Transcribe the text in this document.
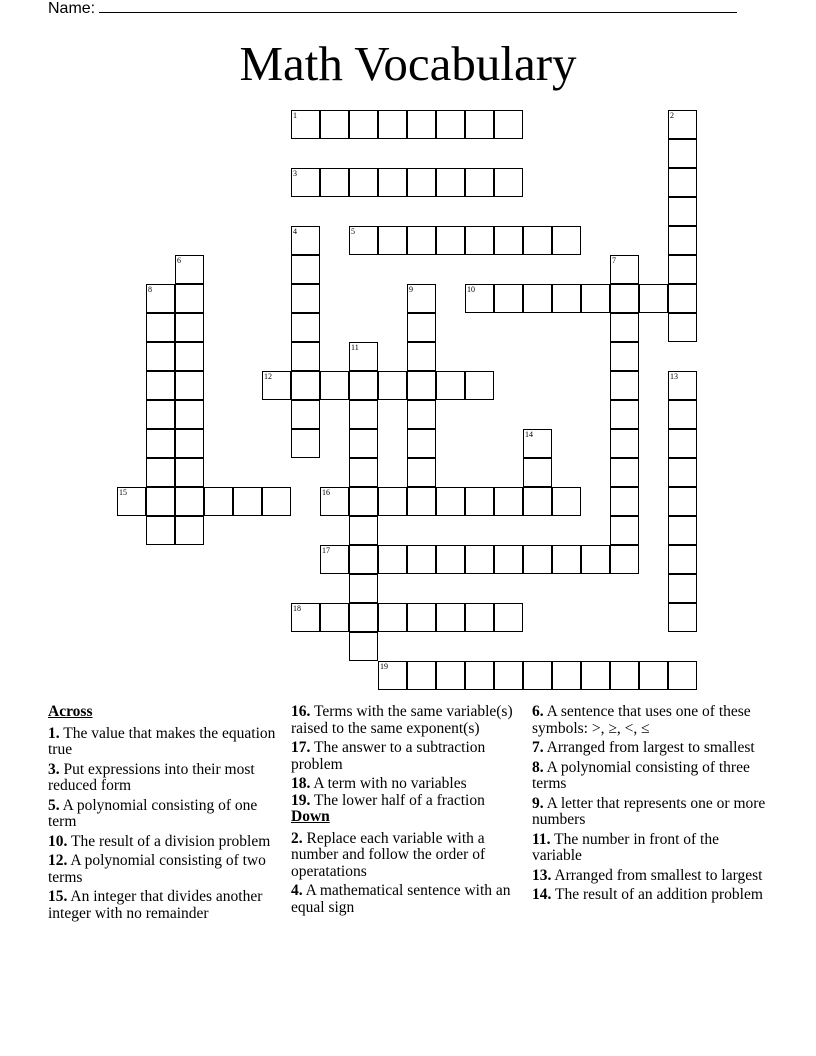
Name:
Math Vocabulary
1	2
3
4	5
6	7
8	9	10
11
12	13
14
15	16
17
18
19
Across
1. The value that makes the equation true
3. Put expressions into their most reduced form
5. A polynomial consisting of one term
10. The result of a division problem
12. A polynomial consisting of two terms
15. An integer that divides another integer with no remainder
16. Terms with the same variable(s) raised to the same exponent(s)
17. The answer to a subtraction problem
18. A term with no variables
19. The lower half of a fraction
Down
2. Replace each variable with a number and follow the order of operatations
4. A mathematical sentence with an equal sign
6. A sentence that uses one of these symbols: >, ≥, <, ≤
7. Arranged from largest to smallest
8. A polynomial consisting of three terms
9. A letter that represents one or more numbers
11. The number in front of the variable
13. Arranged from smallest to largest
14. The result of an addition problem
